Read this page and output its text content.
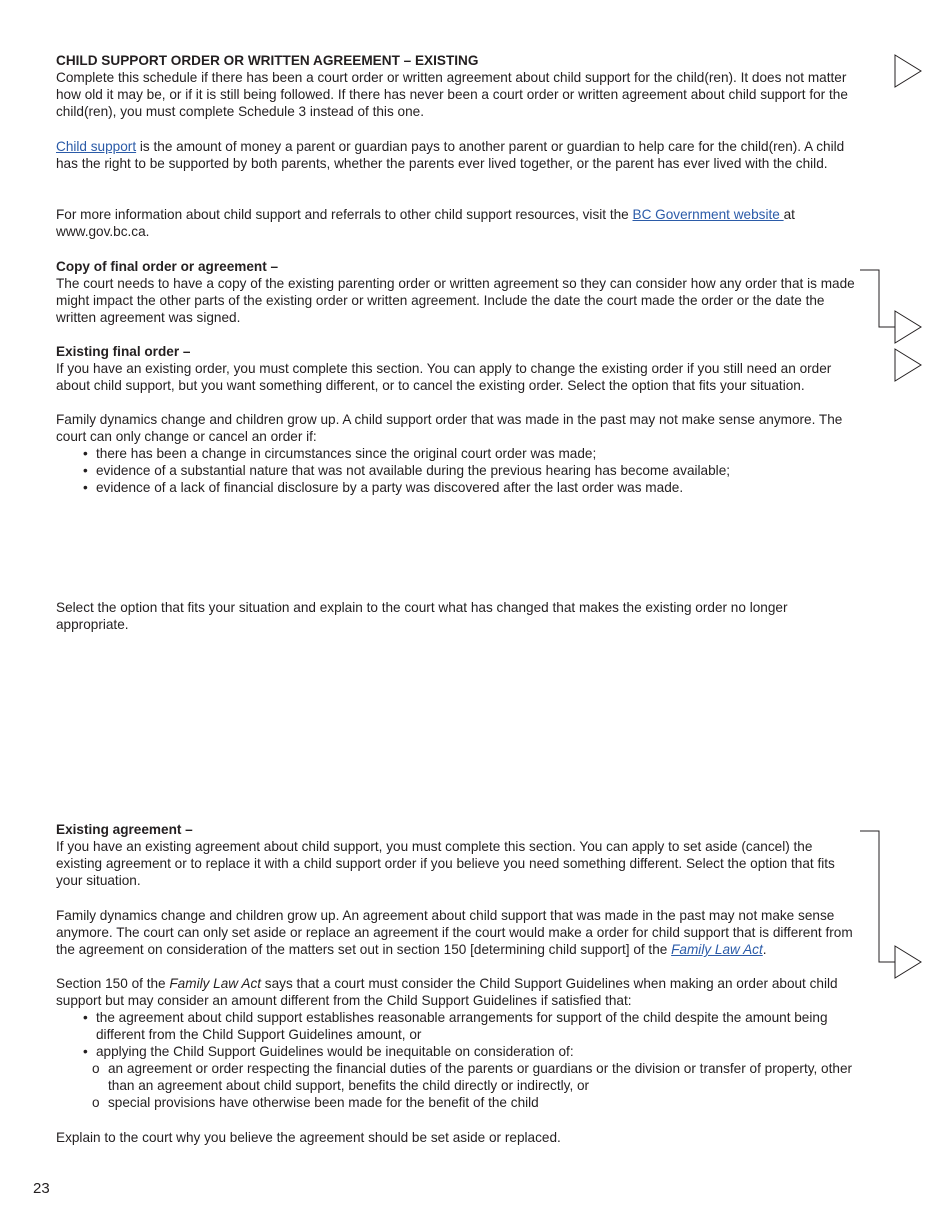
CHILD SUPPORT ORDER OR WRITTEN AGREEMENT – EXISTING

Complete this schedule if there has been a court order or written agreement about child support for the child(ren). It does not matter how old it may be, or if it is still being followed. If there has never been a court order or written agreement about child support for the child(ren), you must complete Schedule 3 instead of this one.

Child support is the amount of money a parent or guardian pays to another parent or guardian to help care for the child(ren). A child has the right to be supported by both parents, whether the parents ever lived together, or the parent has ever lived with the child.

For more information about child support and referrals to other child support resources, visit the BC Government website at www.gov.bc.ca.

Copy of final order or agreement –

The court needs to have a copy of the existing parenting order or written agreement so they can consider how any order that is made might impact the other parts of the existing order or written agreement. Include the date the court made the order or the date the written agreement was signed.

Existing final order –

If you have an existing order, you must complete this section. You can apply to change the existing order if you still need an order about child support, but you want something different, or to cancel the existing order. Select the option that fits your situation.

Family dynamics change and children grow up. A child support order that was made in the past may not make sense anymore. The court can only change or cancel an order if:

• there has been a change in circumstances since the original court order was made;
• evidence of a substantial nature that was not available during the previous hearing has become available;
• evidence of a lack of financial disclosure by a party was discovered after the last order was made.

Select the option that fits your situation and explain to the court what has changed that makes the existing order no longer appropriate.

Existing agreement –

If you have an existing agreement about child support, you must complete this section. You can apply to set aside (cancel) the existing agreement or to replace it with a child support order if you believe you need something different. Select the option that fits your situation.

Family dynamics change and children grow up. An agreement about child support that was made in the past may not make sense anymore. The court can only set aside or replace an agreement if the court would make a order for child support that is different from the agreement on consideration of the matters set out in section 150 [determining child support] of the Family Law Act.

Section 150 of the Family Law Act says that a court must consider the Child Support Guidelines when making an order about child support but may consider an amount different from the Child Support Guidelines if satisfied that:

• the agreement about child support establishes reasonable arrangements for support of the child despite the amount being different from the Child Support Guidelines amount, or
• applying the Child Support Guidelines would be inequitable on consideration of:
o an agreement or order respecting the financial duties of the parents or guardians or the division or transfer of property, other than an agreement about child support, benefits the child directly or indirectly, or
o special provisions have otherwise been made for the benefit of the child

Explain to the court why you believe the agreement should be set aside or replaced.

23
